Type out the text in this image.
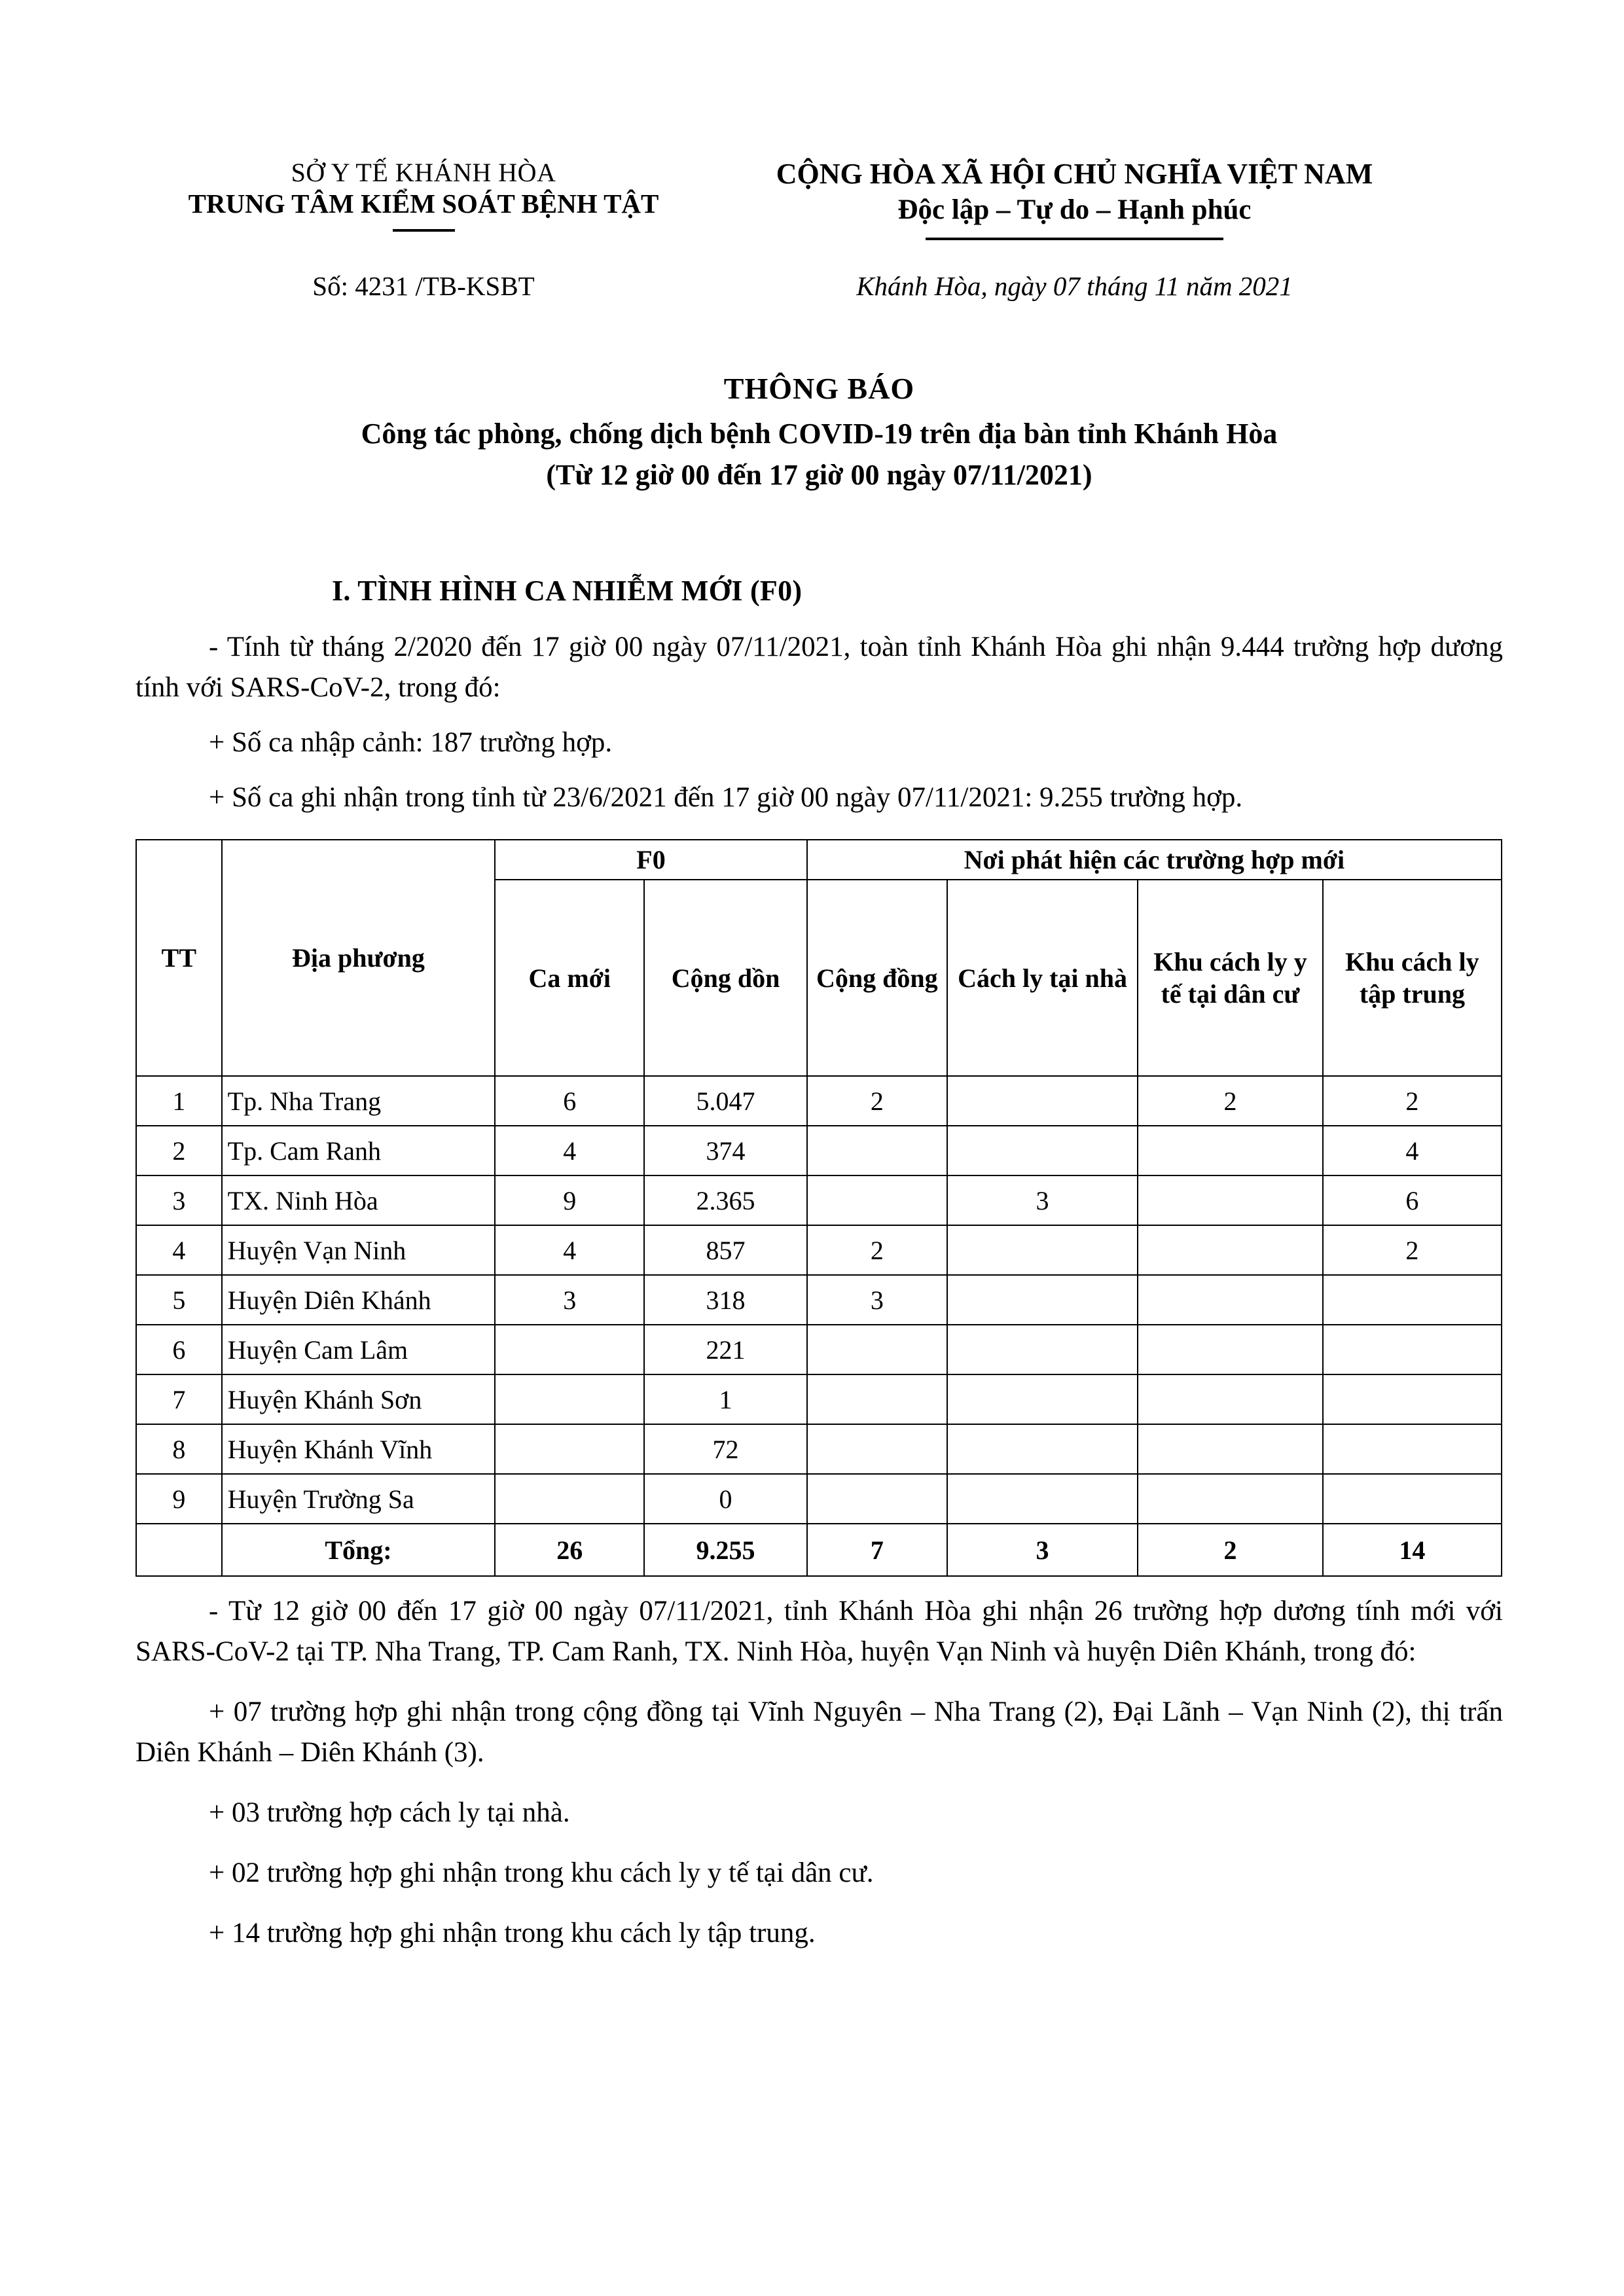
SỞ Y TẾ KHÁNH HÒA
TRUNG TÂM KIỂM SOÁT BỆNH TẬT
CỘNG HÒA XÃ HỘI CHỦ NGHĨA VIỆT NAM
Độc lập – Tự do – Hạnh phúc
Số: 4231 /TB-KSBT	Khánh Hòa, ngày 07 tháng 11 năm 2021
THÔNG BÁO
Công tác phòng, chống dịch bệnh COVID-19 trên địa bàn tỉnh Khánh Hòa
(Từ 12 giờ 00 đến 17 giờ 00 ngày 07/11/2021)
I. TÌNH HÌNH CA NHIỄM MỚI (F0)

- Tính từ tháng 2/2020 đến 17 giờ 00 ngày 07/11/2021, toàn tỉnh Khánh Hòa ghi nhận 9.444 trường hợp dương tính với SARS-CoV-2, trong đó:

+ Số ca nhập cảnh: 187 trường hợp.

+ Số ca ghi nhận trong tỉnh từ 23/6/2021 đến 17 giờ 00 ngày 07/11/2021: 9.255 trường hợp.

TT	Địa phương	F0		Nơi phát hiện các trường hợp mới			
		Ca mới	Cộng dồn	Cộng đồng	Cách ly tại nhà	Khu cách ly y tế tại dân cư	Khu cách ly tập trung
1	Tp. Nha Trang	6	5.047	2		2	2
2	Tp. Cam Ranh	4	374				4
3	TX. Ninh Hòa	9	2.365		3		6
4	Huyện Vạn Ninh	4	857	2			2
5	Huyện Diên Khánh	3	318	3			
6	Huyện Cam Lâm		221				
7	Huyện Khánh Sơn		1				
8	Huyện Khánh Vĩnh		72				
9	Huyện Trường Sa		0				
	Tổng:	26	9.255	7	3	2	14

- Từ 12 giờ 00 đến 17 giờ 00 ngày 07/11/2021, tỉnh Khánh Hòa ghi nhận 26 trường hợp dương tính mới với SARS-CoV-2 tại TP. Nha Trang, TP. Cam Ranh, TX. Ninh Hòa, huyện Vạn Ninh và huyện Diên Khánh, trong đó:

+ 07 trường hợp ghi nhận trong cộng đồng tại Vĩnh Nguyên – Nha Trang (2), Đại Lãnh – Vạn Ninh (2), thị trấn Diên Khánh – Diên Khánh (3).

+ 03 trường hợp cách ly tại nhà.

+ 02 trường hợp ghi nhận trong khu cách ly y tế tại dân cư.

+ 14 trường hợp ghi nhận trong khu cách ly tập trung.
